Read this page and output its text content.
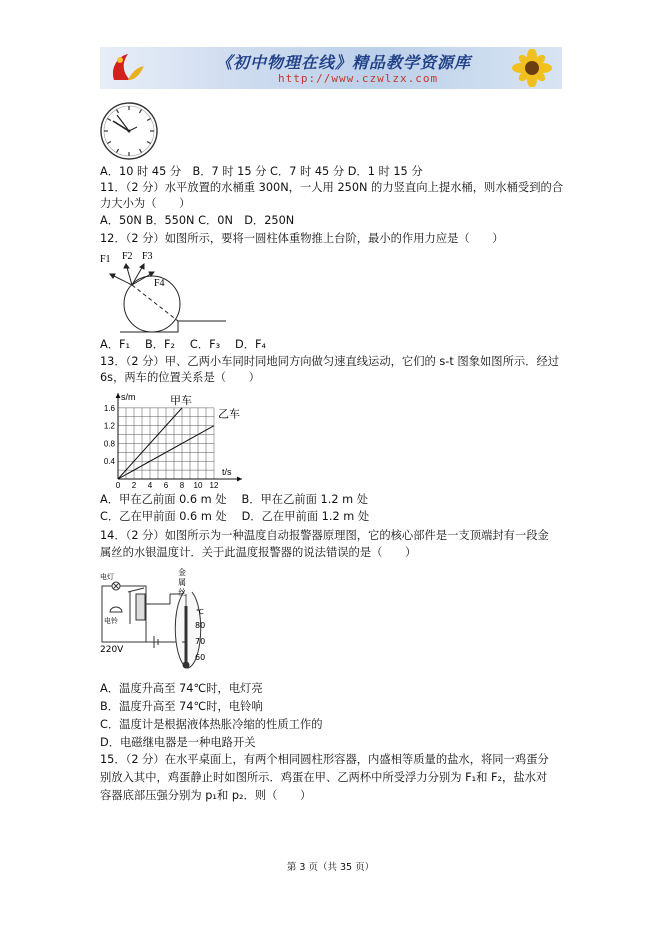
《初中物理在线》精品教学资源库
http://www.czwlzx.com
A．10 时 45 分　B．7 时 15 分 C．7 时 45 分 D．1 时 15 分
11．（2 分）水平放置的水桶重 300N，一人用 250N 的力竖直向上提水桶，则水桶受到的合
力大小为（　　）
A．50N B．550N C．0N　D．250N
12．（2 分）如图所示，要将一圆柱体重物推上台阶，最小的作用力应是（　　）
F1 F2 F3
F4
A．F₁　 B．F₂　 C．F₃　 D．F₄
13．（2 分）甲、乙两小车同时同地同方向做匀速直线运动，它们的 s-t 图象如图所示．经过
6s，两车的位置关系是（　　）
0 2 4 6 8 10 12
0.4
0.8
1.2
1.6
s/m
t/s
甲车
乙车
A．甲在乙前面 0.6 m 处　 B．甲在乙前面 1.2 m 处
C．乙在甲前面 0.6 m 处　 D．乙在甲前面 1.2 m 处
14．（2 分）如图所示为一种温度自动报警器原理图，它的核心部件是一支顶端封有一段金
属丝的水银温度计．关于此温度报警器的说法错误的是（　　）
电灯
电铃
220V
金
属
丝
℃
80
70
60
A．温度升高至 74℃时，电灯亮
B．温度升高至 74℃时，电铃响
C．温度计是根据液体热胀冷缩的性质工作的
D．电磁继电器是一种电路开关
15．（2 分）在水平桌面上，有两个相同圆柱形容器，内盛相等质量的盐水，将同一鸡蛋分
别放入其中，鸡蛋静止时如图所示．鸡蛋在甲、乙两杯中所受浮力分别为 F₁和 F₂，盐水对
容器底部压强分别为 p₁和 p₂．则（　　）
第 3 页（共 35 页）
